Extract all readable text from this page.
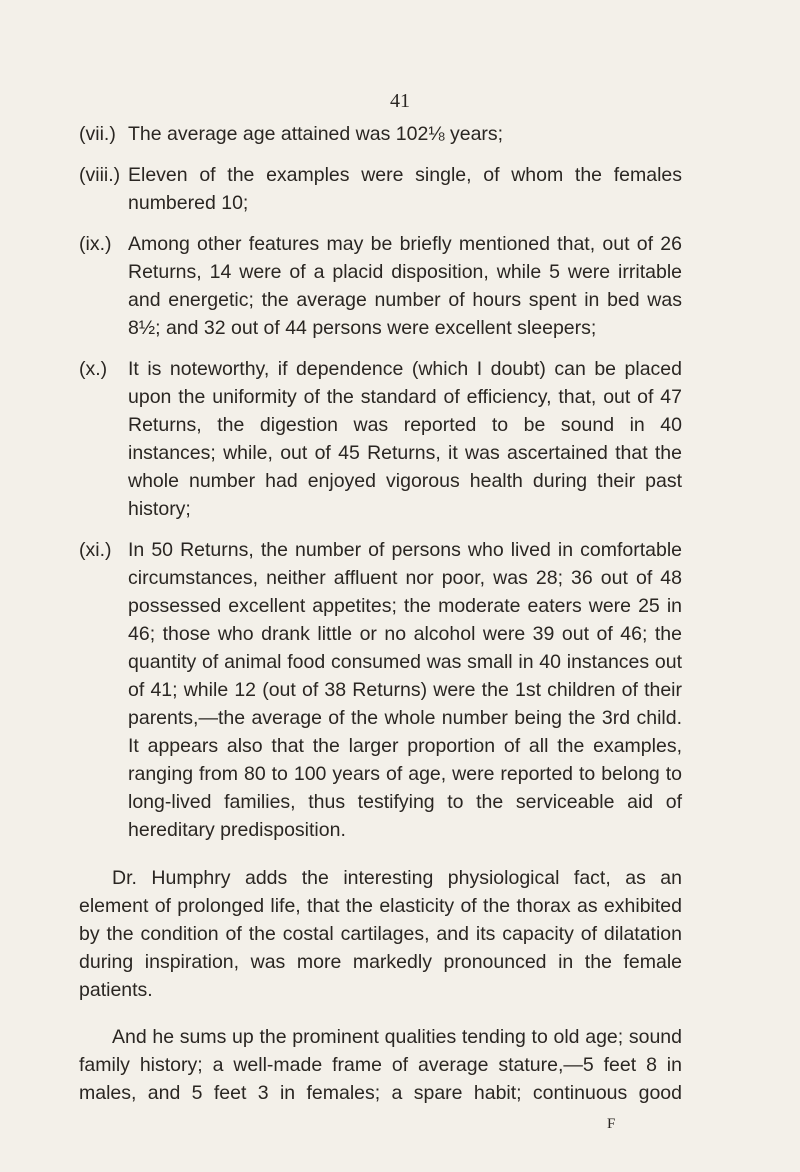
41
(vii.) The average age attained was 102⅛ years;
(viii.) Eleven of the examples were single, of whom the females numbered 10;
(ix.) Among other features may be briefly mentioned that, out of 26 Returns, 14 were of a placid disposition, while 5 were irritable and energetic; the average number of hours spent in bed was 8½; and 32 out of 44 persons were excellent sleepers;
(x.)	It is noteworthy, if dependence (which I doubt) can be placed upon the uniformity of the standard of efficiency, that, out of 47 Returns, the digestion was reported to be sound in 40 instances; while, out of 45 Returns, it was ascertained that the whole number had enjoyed vigorous health during their past history;
(xi.) In 50 Returns, the number of persons who lived in comfortable circumstances, neither affluent nor poor, was 28; 36 out of 48 possessed excellent appetites; the moderate eaters were 25 in 46; those who drank little or no alcohol were 39 out of 46; the quantity of animal food consumed was small in 40 instances out of 41; while 12 (out of 38 Returns) were the 1st children of their parents,—the average of the whole number being the 3rd child. It appears also that the larger proportion of all the examples, ranging from 80 to 100 years of age, were reported to belong to long-lived families, thus testifying to the serviceable aid of hereditary predisposition.

Dr. Humphry adds the interesting physiological fact, as an element of prolonged life, that the elasticity of the thorax as exhibited by the condition of the costal cartilages, and its capacity of dilatation during inspiration, was more markedly pronounced in the female patients.

And he sums up the prominent qualities tending to old age; sound family history; a well-made frame of average stature,—5 feet 8 in males, and 5 feet 3 in females; a spare habit; continuous good

F
